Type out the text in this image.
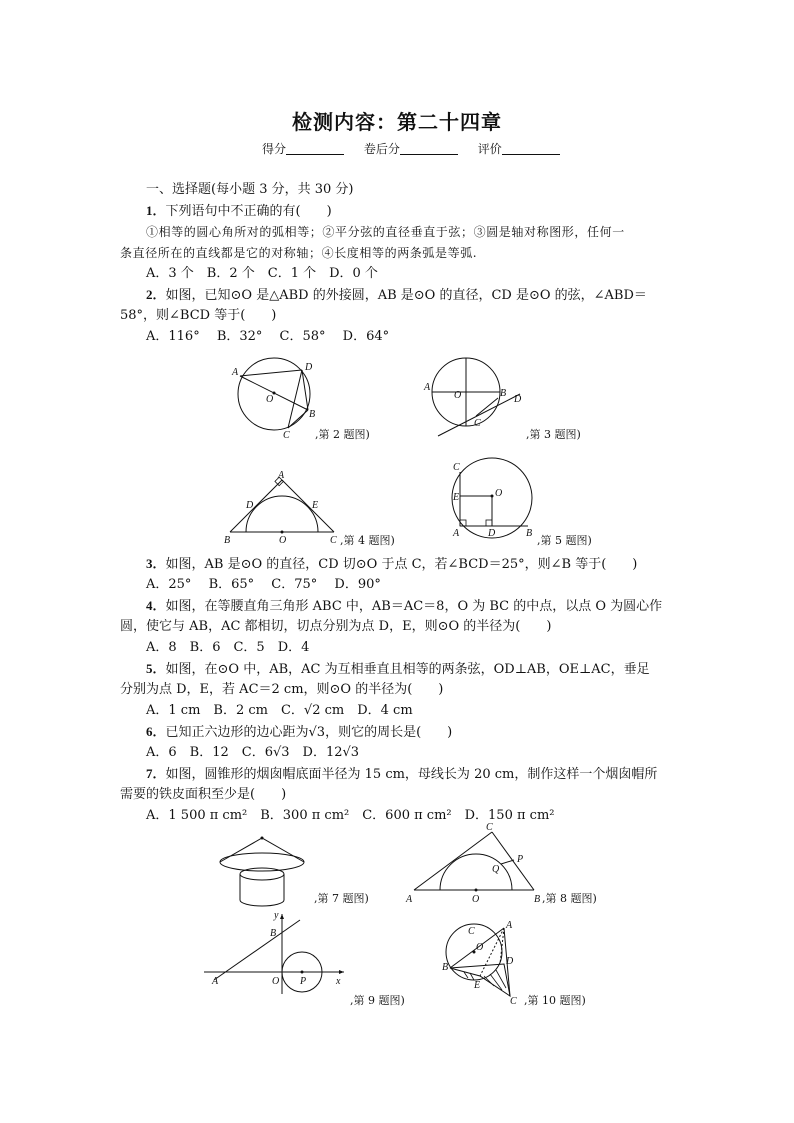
检测内容：第二十四章
得分	卷后分	评价
一、选择题(每小题 3 分，共 30 分)
1．下列语句中不正确的有(　　)
①相等的圆心角所对的弧相等；②平分弦的直径垂直于弦；③圆是轴对称图形，任何一
条直径所在的直线都是它的对称轴；④长度相等的两条弧是等弧.
A．3 个　B．2 个　C．1 个　D．0 个
2．如图，已知⊙O 是△ABD 的外接圆，AB 是⊙O 的直径，CD 是⊙O 的弦，∠ABD＝
58°，则∠BCD 等于(　　)
A．116°　 B．32°　 C．58°　 D．64°
A	D
O
B
C ,第 2 题图)
A
O	B
C
D
,第 3 题图)
A
D	E
B	O	C ,第 4 题图)
C
O
E
A	D	B
,第 5 题图)
3．如图，AB 是⊙O 的直径，CD 切⊙O 于点 C，若∠BCD＝25°，则∠B 等于(　　)
A．25°　 B．65°　 C．75°　 D．90°
4．如图，在等腰直角三角形 ABC 中，AB＝AC＝8，O 为 BC 的中点，以点 O 为圆心作
圆，使它与 AB，AC 都相切，切点分别为点 D，E，则⊙O 的半径为(　　)
A．8　B．6　C．5　D．4
5．如图，在⊙O 中，AB，AC 为互相垂直且相等的两条弦，OD⊥AB，OE⊥AC，垂足
分别为点 D，E，若 AC＝2 cm，则⊙O 的半径为(　　)
A．1 cm　B．2 cm　C．√2 cm　D．4 cm
6．已知正六边形的边心距为√3，则它的周长是(　　)
A．6　B．12　C．6√3　D．12√3
7．如图，圆锥形的烟囱帽底面半径为 15 cm，母线长为 20 cm，制作这样一个烟囱帽所
需要的铁皮面积至少是(　　)
A．1 500 π cm²　B．300 π cm²　C．600 π cm²　D．150 π cm²
,第 7 题图)
C
P
Q
A	O	B ,第 8 题图)
y
B
A	O P	x
,第 9 题图)
A
C
O
D
B
E
C ,第 10 题图)
